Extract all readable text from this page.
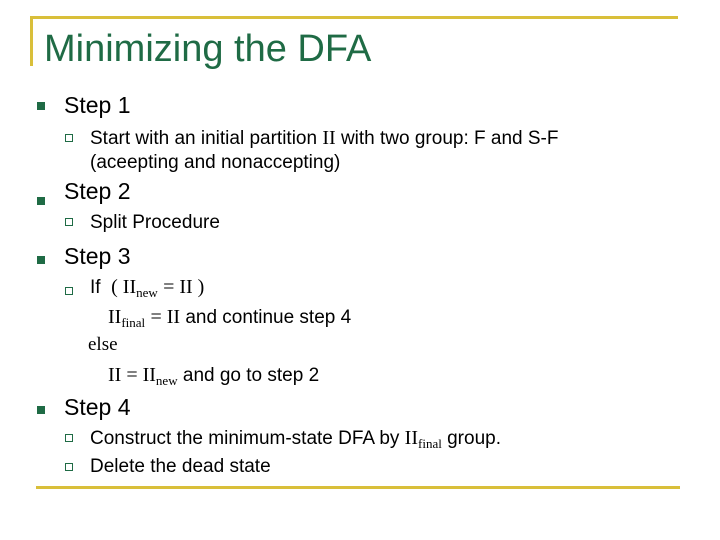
Minimizing the DFA
Step 1
Start with an initial partition II with two group: F and S-F
(aceepting and nonaccepting)
Step 2
Split Procedure
Step 3
If ( $II_{new}$ = II )
$II_{final}$ = II and continue step 4
else
II = $II_{new}$ and go to step 2
Step 4
Construct the minimum-state DFA by $II_{final}$ group.
Delete the dead state
